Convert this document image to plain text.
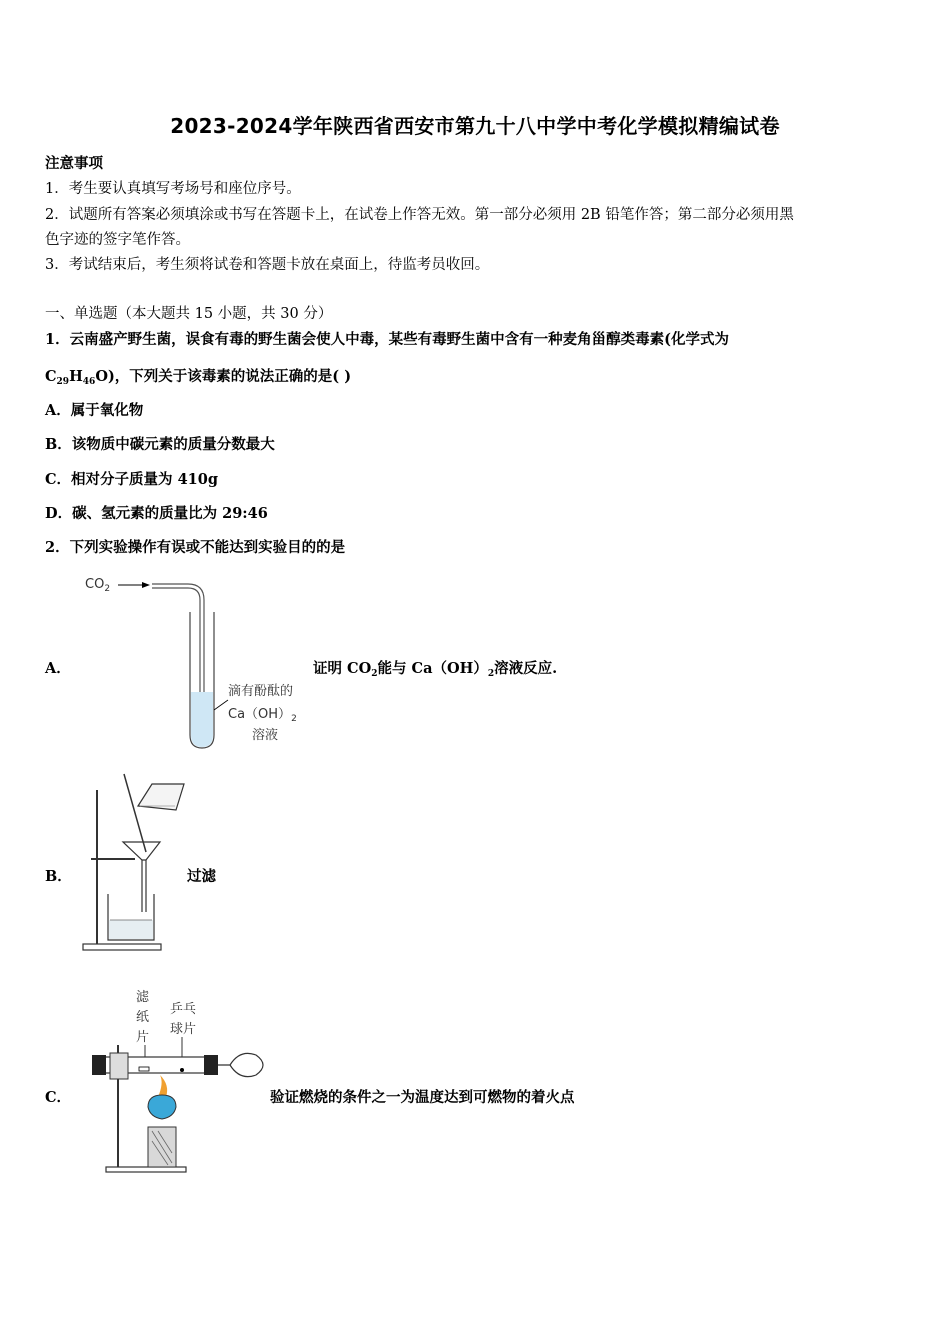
2023-2024学年陕西省西安市第九十八中学中考化学模拟精编试卷
注意事项
1．考生要认真填写考场号和座位序号。
2．试题所有答案必须填涂或书写在答题卡上，在试卷上作答无效。第一部分必须用 2B 铅笔作答；第二部分必须用黑
色字迹的签字笔作答。
3．考试结束后，考生须将试卷和答题卡放在桌面上，待监考员收回。
一、单选题（本大题共 15 小题，共 30 分）
1．云南盛产野生菌，误食有毒的野生菌会使人中毒，某些有毒野生菌中含有一种麦角甾醇类毒素(化学式为
$C_{29}H_{46}O$)，下列关于该毒素的说法正确的是( )
A．属于氧化物
B．该物质中碳元素的质量分数最大
C．相对分子质量为 410g
D．碳、氢元素的质量比为 29:46
2．下列实验操作有误或不能达到实验目的的是
$CO_2$
滴有酚酞的
$Ca(OH)_2$
溶液
A．	证明 $CO_2$能与 $Ca(OH)_2$溶液反应.
B．	过滤
滤
纸
片
乒乓
球片
C．	验证燃烧的条件之一为温度达到可燃物的着火点
